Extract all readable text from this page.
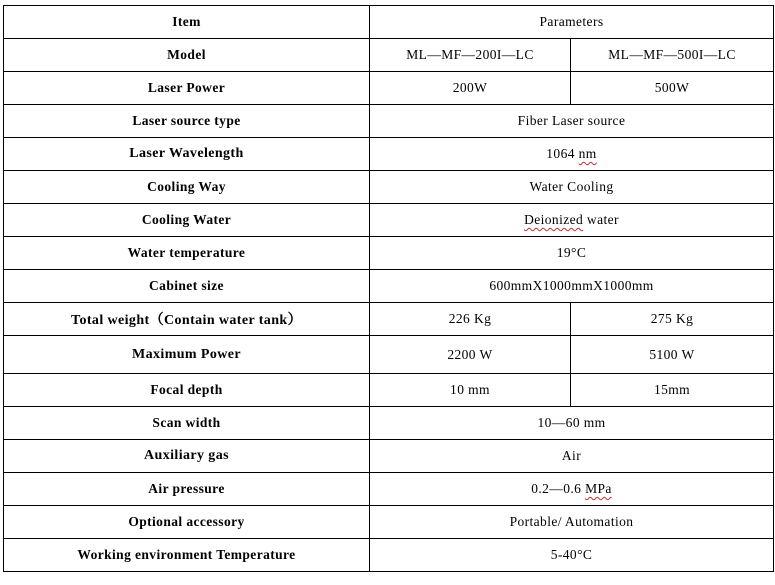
Item	Parameters	
Model	ML—MF—200I—LC	ML—MF—500I—LC
Laser Power	200W	500W
Laser source type	Fiber Laser source	
Laser Wavelength	1064 nm	
Cooling Way	Water Cooling	
Cooling Water	Deionized water	
Water temperature	19°C	
Cabinet size	600mmX1000mmX1000mm	
Total weight（Contain water tank）	226 Kg	275 Kg
Maximum Power	2200 W	5100 W
Focal depth	10 mm	15mm
Scan width	10—60 mm	
Auxiliary gas	Air	
Air pressure	0.2—0.6 MPa	
Optional accessory	Portable/ Automation	
Working environment Temperature	5-40°C	
